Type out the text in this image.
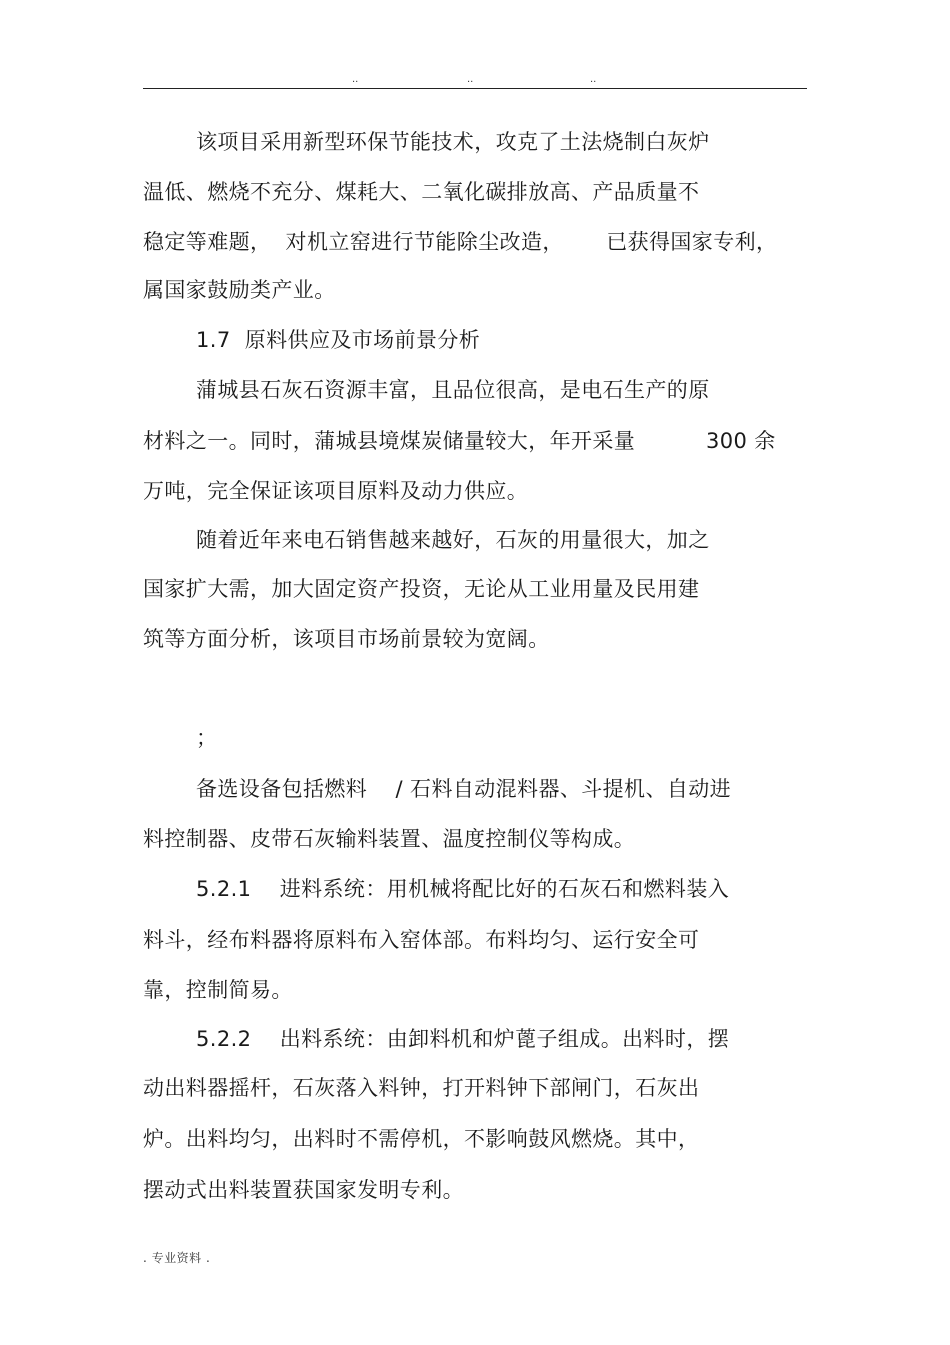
..	..	..
该项目采用新型环保节能技术，攻克了土法烧制白灰炉
温低、燃烧不充分、煤耗大、二氧化碳排放高、产品质量不
稳定等难题，  对机立窑进行节能除尘改造，      已获得国家专利，
属国家鼓励类产业。
1.7  原料供应及市场前景分析
蒲城县石灰石资源丰富，且品位很高，是电石生产的原
材料之一。同时，蒲城县境煤炭储量较大，年开采量          300 余
万吨，完全保证该项目原料及动力供应。
随着近年来电石销售越来越好，石灰的用量很大，加之
国家扩大需，加大固定资产投资，无论从工业用量及民用建
筑等方面分析，该项目市场前景较为宽阔。
；
备选设备包括燃料    / 石料自动混料器、斗提机、自动进
料控制器、皮带石灰输料装置、温度控制仪等构成。
5.2.1    进料系统：用机械将配比好的石灰石和燃料装入
料斗，经布料器将原料布入窑体部。布料均匀、运行安全可
靠，控制简易。
5.2.2    出料系统：由卸料机和炉蓖子组成。出料时，摆
动出料器摇杆，石灰落入料钟，打开料钟下部闸门，石灰出
炉。出料均匀，出料时不需停机，不影响鼓风燃烧。其中，
摆动式出料装置获国家发明专利。
. 专业资料 .
